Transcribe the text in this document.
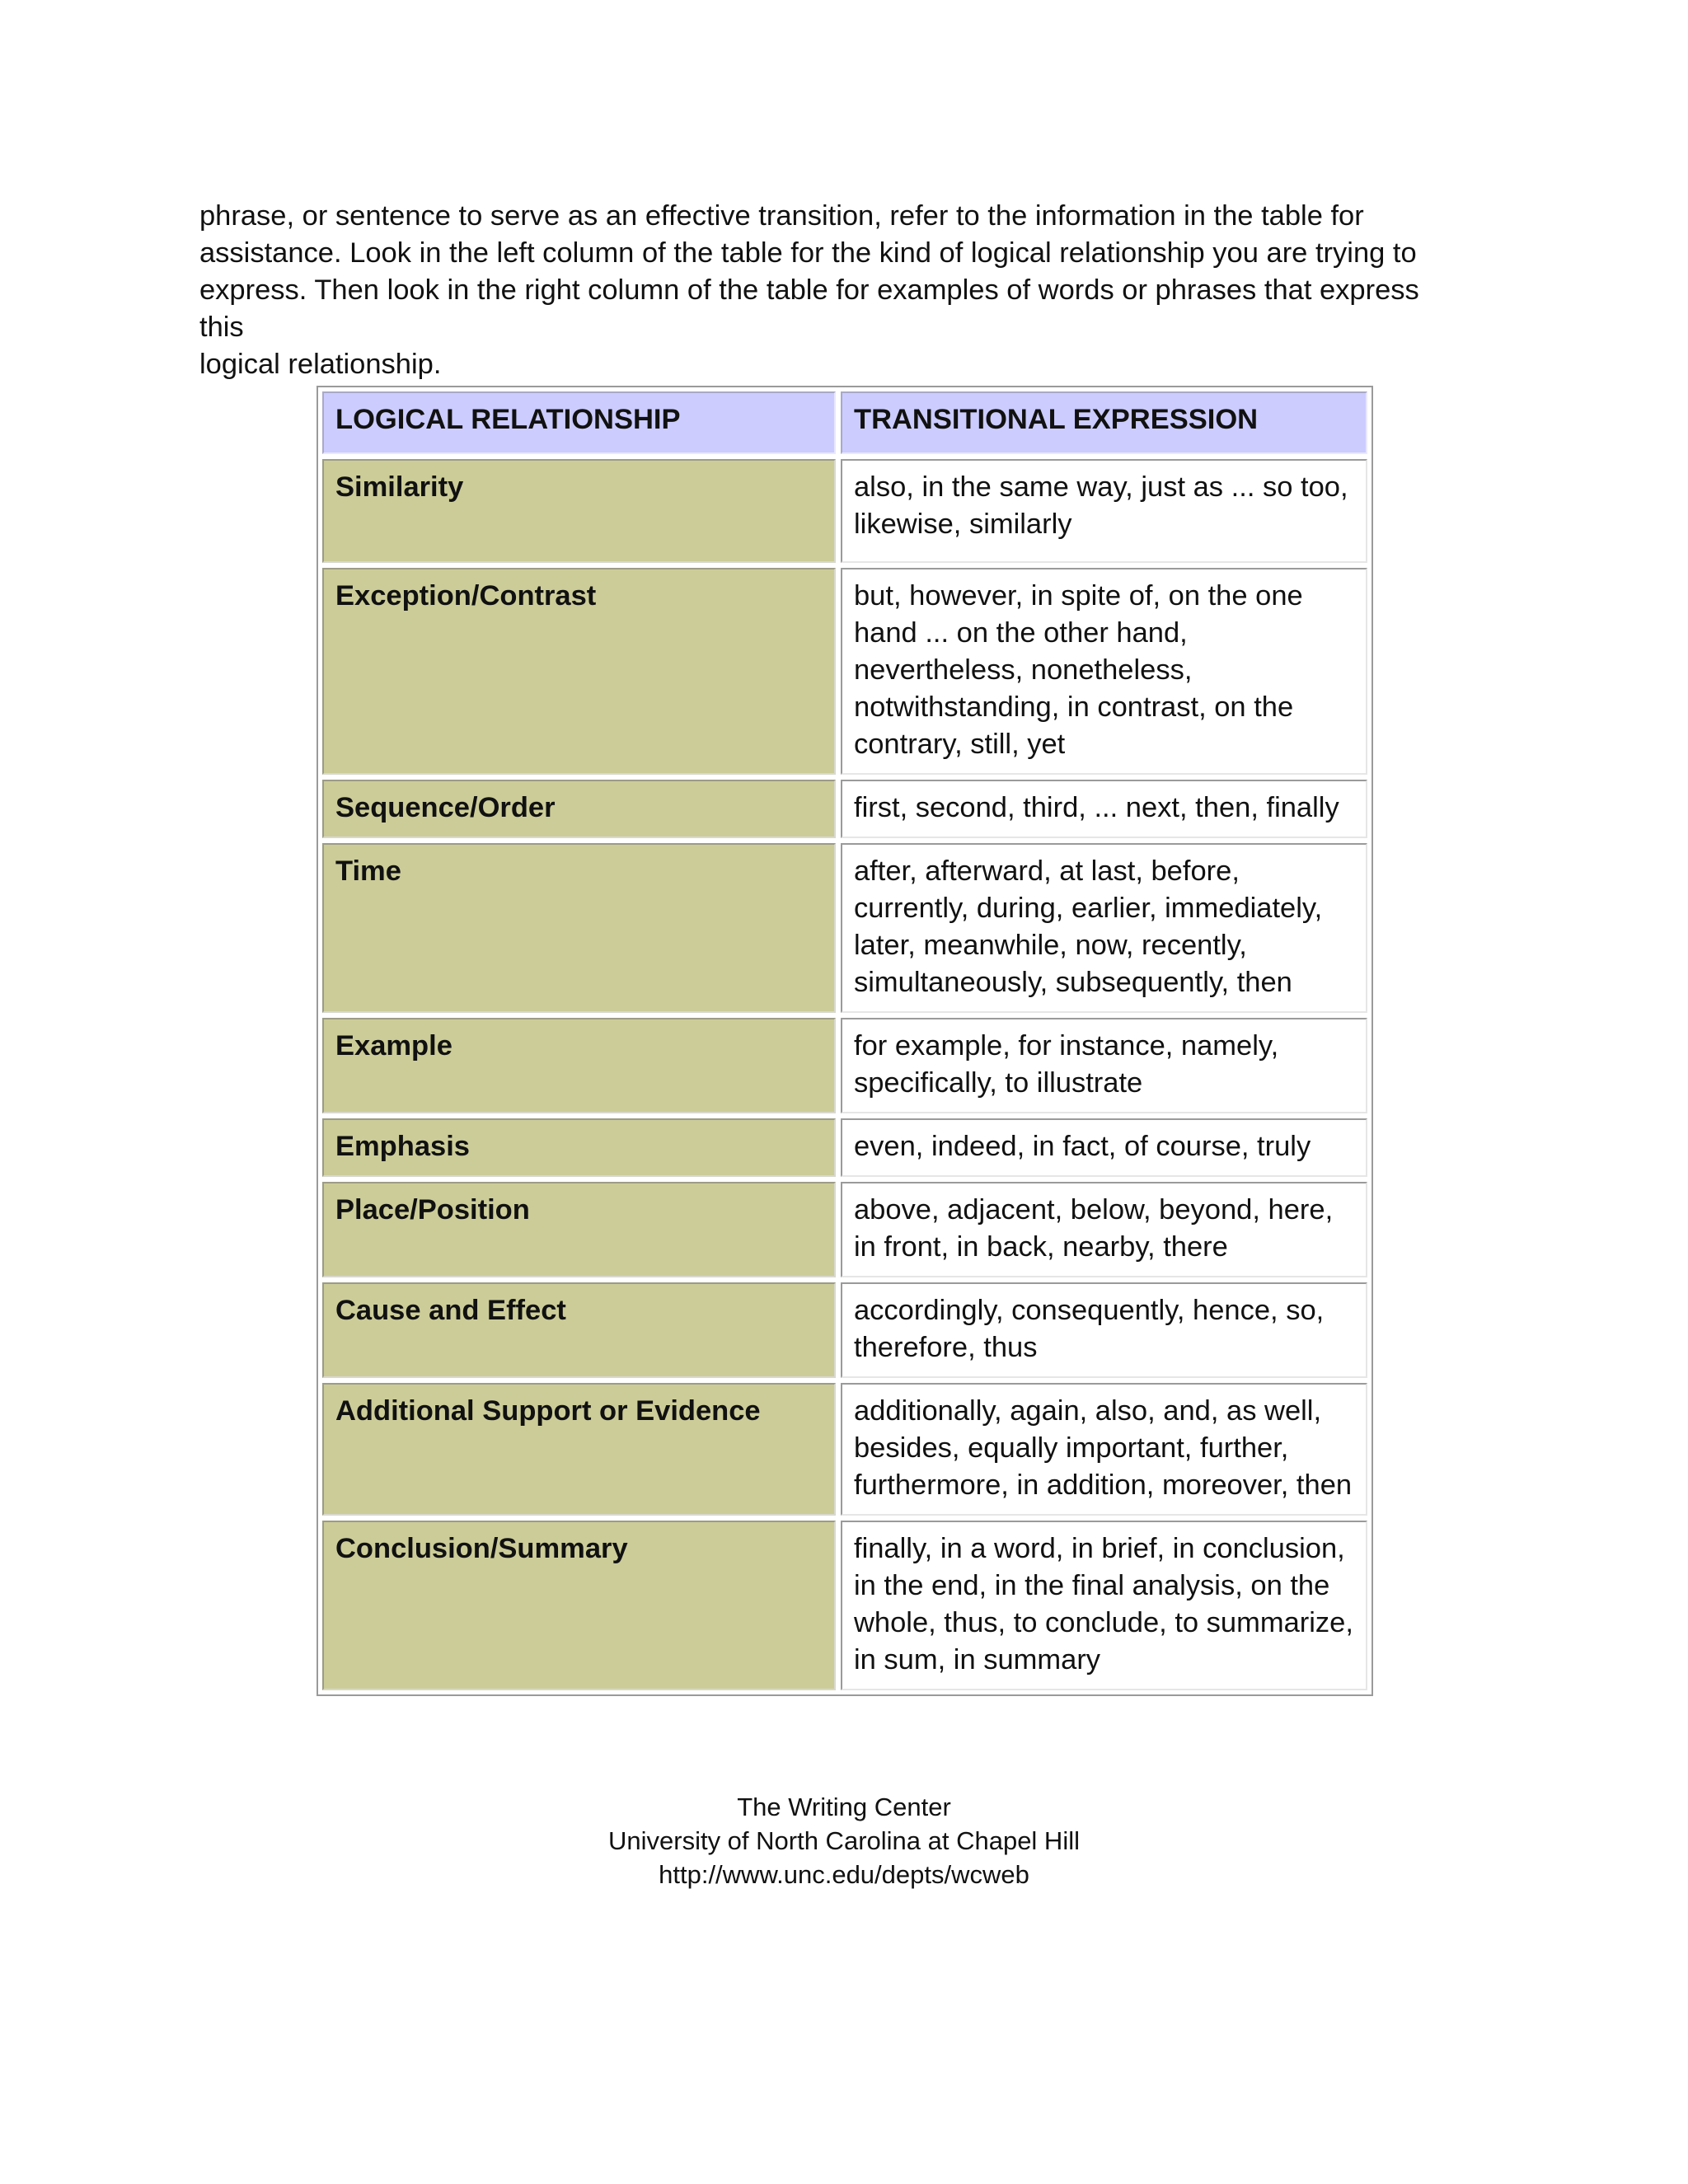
phrase, or sentence to serve as an effective transition, refer to the information in the table for
assistance. Look in the left column of the table for the kind of logical relationship you are trying to
express. Then look in the right column of the table for examples of words or phrases that express this
logical relationship.

LOGICAL RELATIONSHIP	TRANSITIONAL EXPRESSION
Similarity	also, in the same way, just as ... so too, likewise, similarly
Exception/Contrast	but, however, in spite of, on the one hand ... on the other hand, nevertheless, nonetheless, notwithstanding, in contrast, on the contrary, still, yet
Sequence/Order	first, second, third, ... next, then, finally
Time	after, afterward, at last, before, currently, during, earlier, immediately, later, meanwhile, now, recently, simultaneously, subsequently, then
Example	for example, for instance, namely, specifically, to illustrate
Emphasis	even, indeed, in fact, of course, truly
Place/Position	above, adjacent, below, beyond, here, in front, in back, nearby, there
Cause and Effect	accordingly, consequently, hence, so, therefore, thus
Additional Support or Evidence	additionally, again, also, and, as well, besides, equally important, further, furthermore, in addition, moreover, then
Conclusion/Summary	finally, in a word, in brief, in conclusion, in the end, in the final analysis, on the whole, thus, to conclude, to summarize, in sum, in summary
The Writing Center
University of North Carolina at Chapel Hill
http://www.unc.edu/depts/wcweb
